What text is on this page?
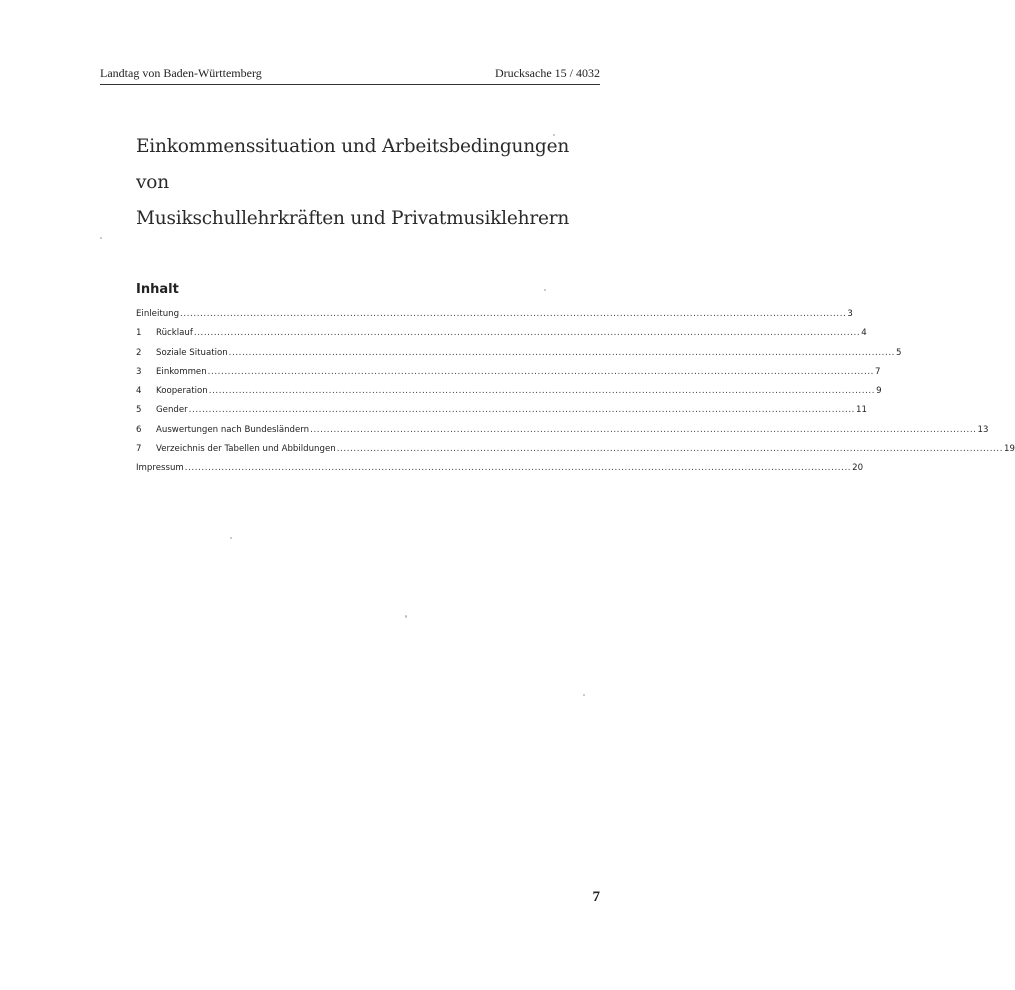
Landtag von Baden-Württemberg	Drucksache 15 / 4032
Einkommenssituation und Arbeitsbedingungen
von
Musikschullehrkräften und Privatmusiklehrern
Inhalt
Einleitung ........................................................................................................................................................................................................ 3
1	Rücklauf ........................................................................................................................................................................................................ 4
2	Soziale Situation ........................................................................................................................................................................................................ 5
3	Einkommen ........................................................................................................................................................................................................ 7
4	Kooperation ........................................................................................................................................................................................................ 9
5	Gender ........................................................................................................................................................................................................ 11
6	Auswertungen nach Bundesländern ........................................................................................................................................................................................................ 13
7	Verzeichnis der Tabellen und Abbildungen ........................................................................................................................................................................................................ 19
Impressum ........................................................................................................................................................................................................ 20
7
